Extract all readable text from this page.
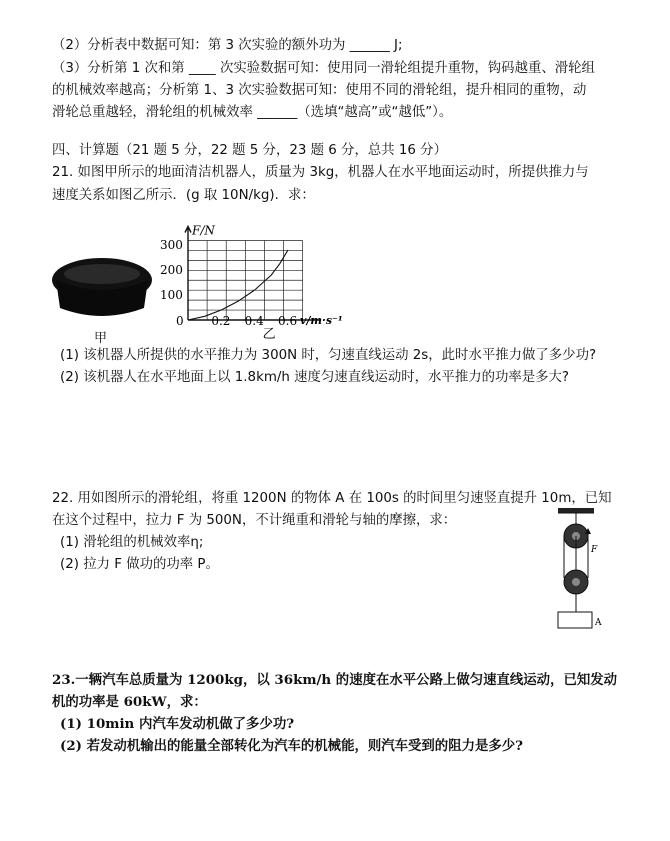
（2）分析表中数据可知：第 3 次实验的额外功为 ______ J;
（3）分析第 1 次和第 ____ 次实验数据可知：使用同一滑轮组提升重物，钩码越重、滑轮组
的机械效率越高；分析第 1、3 次实验数据可知：使用不同的滑轮组，提升相同的重物，动
滑轮总重越轻，滑轮组的机械效率 ______（选填“越高”或“越低”）。
四、计算题（21 题 5 分，22 题 5 分，23 题 6 分，总共 16 分）
21. 如图甲所示的地面清洁机器人，质量为 3kg，机器人在水平地面运动时，所提供推力与
速度关系如图乙所示．(g 取 10N/kg)．求：
甲
F/N
v/m·s⁻¹
0
乙
100
200
300
0.2 0.4 0.6
(1) 该机器人所提供的水平推力为 300N 时，匀速直线运动 2s，此时水平推力做了多少功?
(2) 该机器人在水平地面上以 1.8km/h 速度匀速直线运动时，水平推力的功率是多大?
22. 用如图所示的滑轮组，将重 1200N 的物体 A 在 100s 的时间里匀速竖直提升 10m，已知
在这个过程中，拉力 F 为 500N，不计绳重和滑轮与轴的摩擦，求：
(1) 滑轮组的机械效率η;
(2) 拉力 F 做功的功率 P。
F
A
23.一辆汽车总质量为 1200kg，以 36km/h 的速度在水平公路上做匀速直线运动，已知发动
机的功率是 60kW，求：
(1) 10min 内汽车发动机做了多少功?
(2) 若发动机输出的能量全部转化为汽车的机械能，则汽车受到的阻力是多少?
